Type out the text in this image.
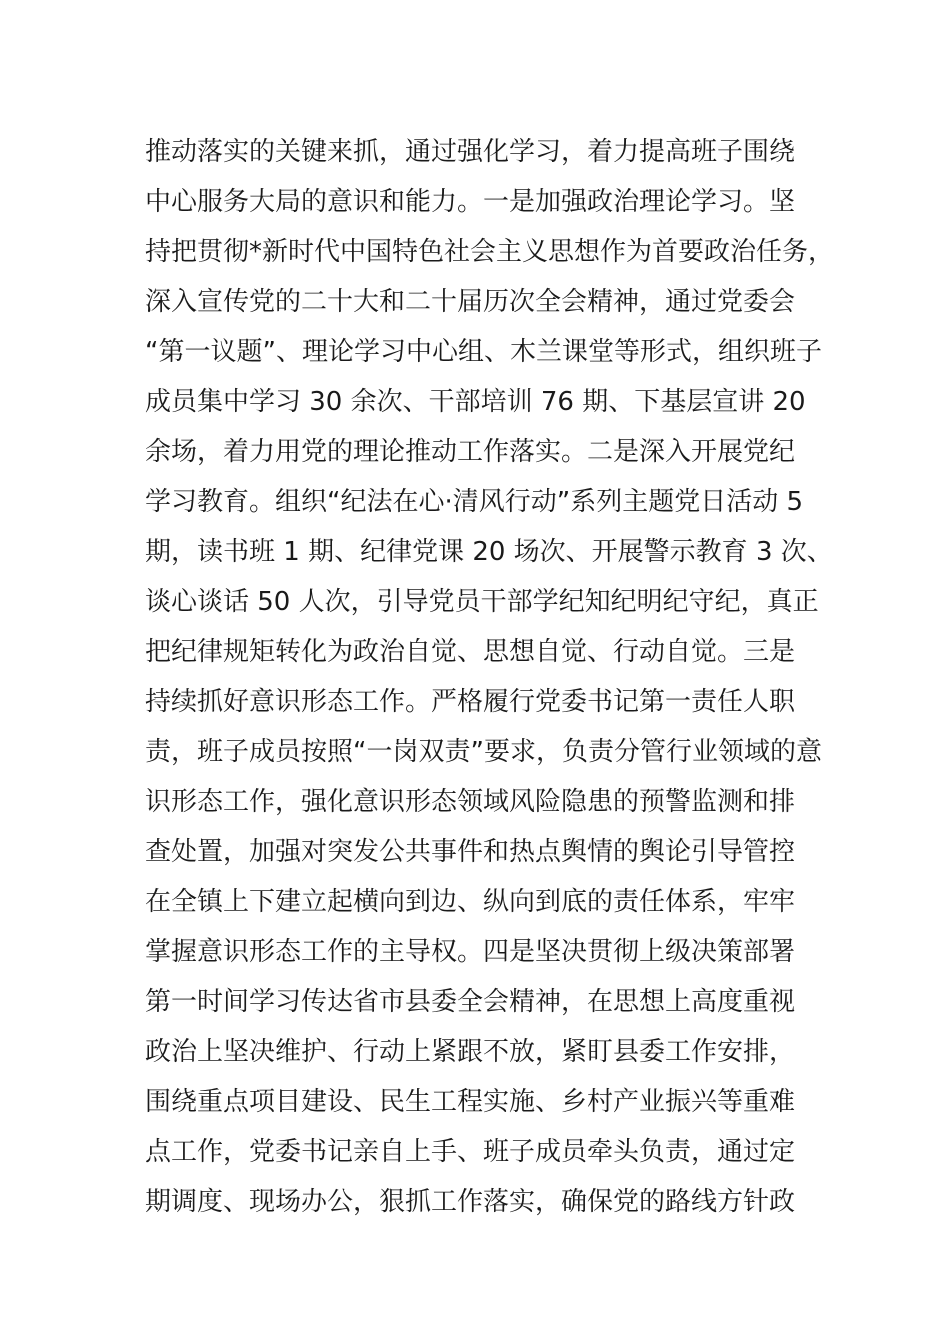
推动落实的关键来抓，通过强化学习，着力提高班子围绕
中心服务大局的意识和能力。一是加强政治理论学习。坚
持把贯彻*新时代中国特色社会主义思想作为首要政治任务，
深入宣传党的二十大和二十届历次全会精神，通过党委会
“第一议题”、理论学习中心组、木兰课堂等形式，组织班子
成员集中学习 30 余次、干部培训 76 期、下基层宣讲 20
余场，着力用党的理论推动工作落实。二是深入开展党纪
学习教育。组织“纪法在心·清风行动”系列主题党日活动 5
期，读书班 1 期、纪律党课 20 场次、开展警示教育 3 次、
谈心谈话 50 人次，引导党员干部学纪知纪明纪守纪，真正
把纪律规矩转化为政治自觉、思想自觉、行动自觉。三是
持续抓好意识形态工作。严格履行党委书记第一责任人职
责，班子成员按照“一岗双责”要求，负责分管行业领域的意
识形态工作，强化意识形态领域风险隐患的预警监测和排
查处置，加强对突发公共事件和热点舆情的舆论引导管控
在全镇上下建立起横向到边、纵向到底的责任体系，牢牢
掌握意识形态工作的主导权。四是坚决贯彻上级决策部署
第一时间学习传达省市县委全会精神，在思想上高度重视
政治上坚决维护、行动上紧跟不放，紧盯县委工作安排，
围绕重点项目建设、民生工程实施、乡村产业振兴等重难
点工作，党委书记亲自上手、班子成员牵头负责，通过定
期调度、现场办公，狠抓工作落实，确保党的路线方针政
